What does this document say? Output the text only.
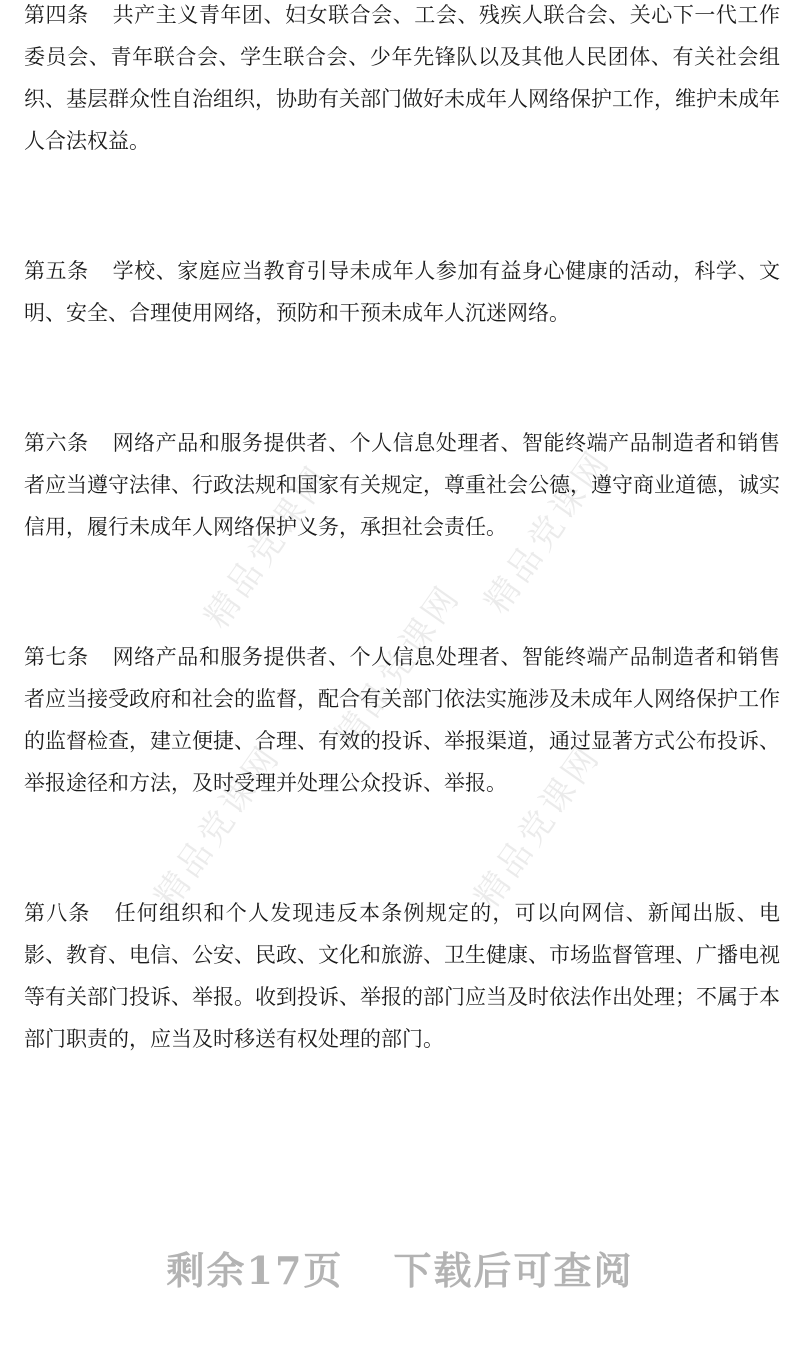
精品党课网	精品党课网
精品党课网
精品党课网	精品党课网

第四条 共产主义青年团、妇女联合会、工会、残疾人联合会、关心下一代工作委员会、青年联合会、学生联合会、少年先锋队以及其他人民团体、有关社会组织、基层群众性自治组织，协助有关部门做好未成年人网络保护工作，维护未成年人合法权益。

第五条 学校、家庭应当教育引导未成年人参加有益身心健康的活动，科学、文明、安全、合理使用网络，预防和干预未成年人沉迷网络。

第六条 网络产品和服务提供者、个人信息处理者、智能终端产品制造者和销售者应当遵守法律、行政法规和国家有关规定，尊重社会公德，遵守商业道德，诚实信用，履行未成年人网络保护义务，承担社会责任。

第七条 网络产品和服务提供者、个人信息处理者、智能终端产品制造者和销售者应当接受政府和社会的监督，配合有关部门依法实施涉及未成年人网络保护工作的监督检查，建立便捷、合理、有效的投诉、举报渠道，通过显著方式公布投诉、举报途径和方法，及时受理并处理公众投诉、举报。

第八条 任何组织和个人发现违反本条例规定的，可以向网信、新闻出版、电影、教育、电信、公安、民政、文化和旅游、卫生健康、市场监督管理、广播电视等有关部门投诉、举报。收到投诉、举报的部门应当及时依法作出处理；不属于本部门职责的，应当及时移送有权处理的部门。

剩余17页 下载后可查阅
